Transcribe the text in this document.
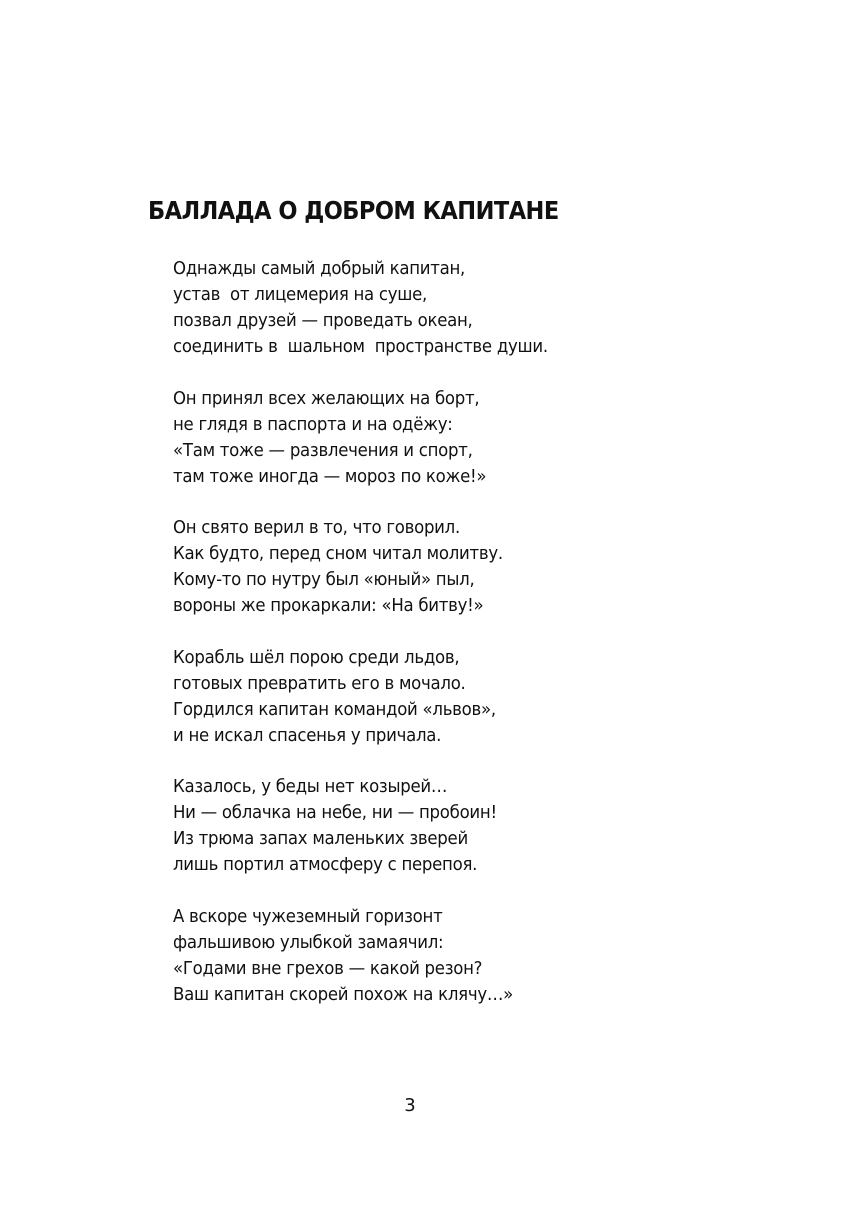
БАЛЛАДА О ДОБРОМ КАПИТАНЕ
Однажды самый добрый капитан,
устав  от лицемерия на суше,
позвал друзей — проведать океан,
соединить в  шальном  пространстве души.
Он принял всех желающих на борт,
не глядя в паспорта и на одёжу:
«Там тоже — развлечения и спорт,
там тоже иногда — мороз по коже!»
Он свято верил в то, что говорил.
Как будто, перед сном читал молитву.
Кому-то по нутру был «юный» пыл,
вороны же прокаркали: «На битву!»
Корабль шёл порою среди льдов,
готовых превратить его в мочало.
Гордился капитан командой «львов»,
и не искал спасенья у причала.
Казалось, у беды нет козырей…
Ни — облачка на небе, ни — пробоин!
Из трюма запах маленьких зверей
лишь портил атмосферу с перепоя.
А вскоре чужеземный горизонт
фальшивою улыбкой замаячил:
«Годами вне грехов — какой резон?
Ваш капитан скорей похож на клячу…»
3
